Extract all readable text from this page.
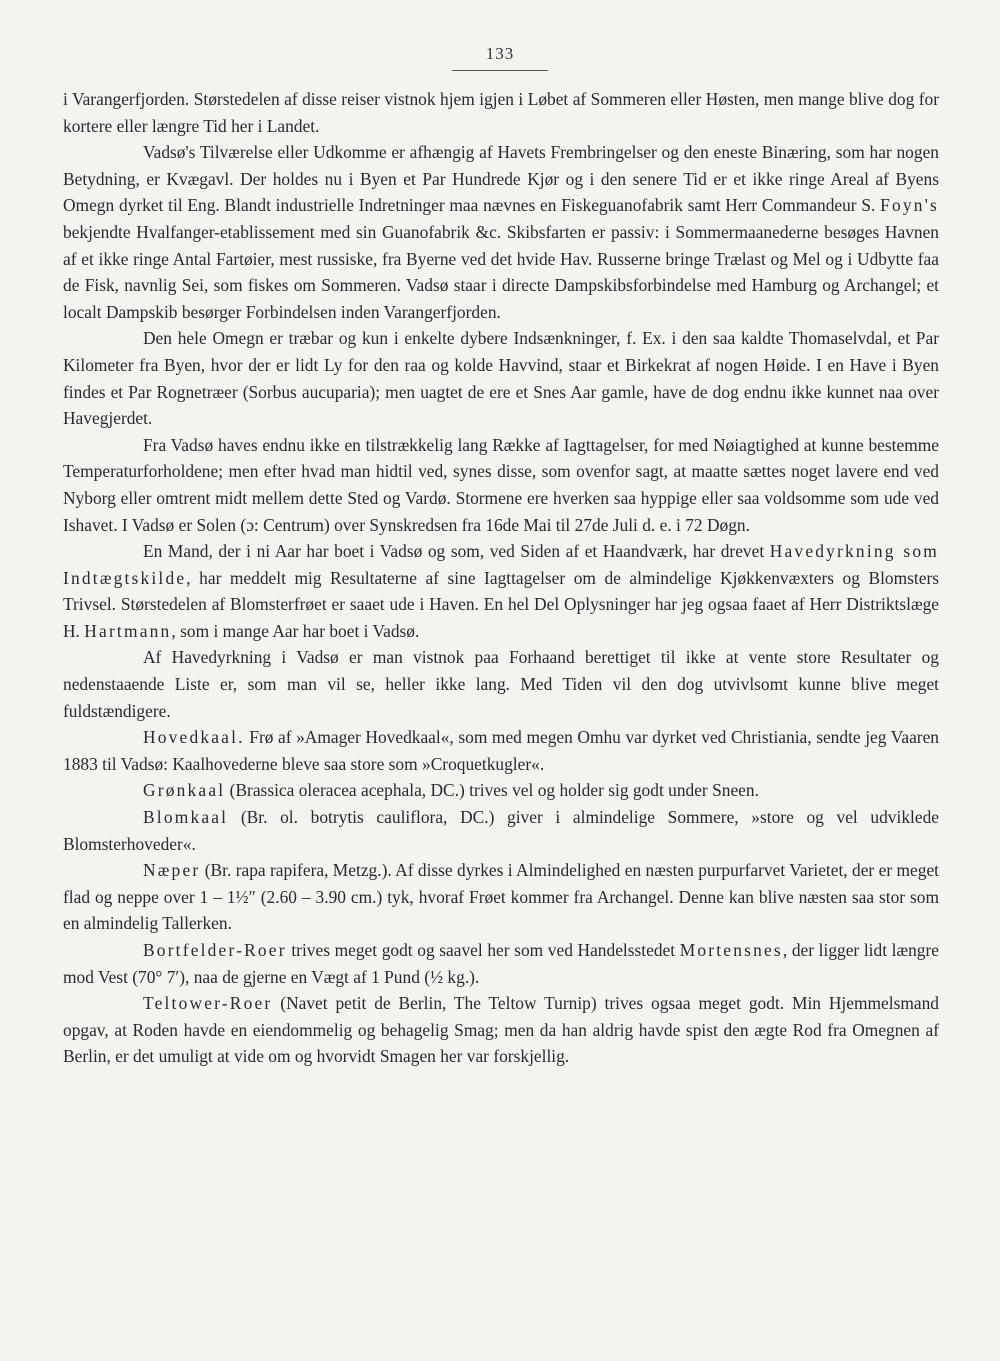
133

i Varangerfjorden. Størstedelen af disse reiser vistnok hjem igjen i Løbet af Sommeren eller Høsten, men mange blive dog for kortere eller længre Tid her i Landet.

Vadsø's Tilværelse eller Udkomme er afhængig af Havets Frembringelser og den eneste Binæring, som har nogen Betydning, er Kvægavl. Der holdes nu i Byen et Par Hundrede Kjør og i den senere Tid er et ikke ringe Areal af Byens Omegn dyrket til Eng. Blandt industrielle Indretninger maa nævnes en Fiskeguanofabrik samt Herr Commandeur S. Foyn's bekjendte Hvalfanger-etablissement med sin Guanofabrik &c. Skibsfarten er passiv: i Sommermaanederne besøges Havnen af et ikke ringe Antal Fartøier, mest russiske, fra Byerne ved det hvide Hav. Russerne bringe Trælast og Mel og i Udbytte faa de Fisk, navnlig Sei, som fiskes om Sommeren. Vadsø staar i directe Dampskibsforbindelse med Hamburg og Archangel; et localt Dampskib besørger Forbindelsen inden Varangerfjorden.

Den hele Omegn er træbar og kun i enkelte dybere Indsænkninger, f. Ex. i den saa kaldte Thomaselvdal, et Par Kilometer fra Byen, hvor der er lidt Ly for den raa og kolde Havvind, staar et Birkekrat af nogen Høide. I en Have i Byen findes et Par Rognetræer (Sorbus aucuparia); men uagtet de ere et Snes Aar gamle, have de dog endnu ikke kunnet naa over Havegjerdet.

Fra Vadsø haves endnu ikke en tilstrækkelig lang Række af Iagttagelser, for med Nøiagtighed at kunne bestemme Temperaturforholdene; men efter hvad man hidtil ved, synes disse, som ovenfor sagt, at maatte sættes noget lavere end ved Nyborg eller omtrent midt mellem dette Sted og Vardø. Stormene ere hverken saa hyppige eller saa voldsomme som ude ved Ishavet. I Vadsø er Solen (ɔ: Centrum) over Synskredsen fra 16de Mai til 27de Juli d. e. i 72 Døgn.

En Mand, der i ni Aar har boet i Vadsø og som, ved Siden af et Haandværk, har drevet Havedyrkning som Indtægtskilde, har meddelt mig Resultaterne af sine Iagttagelser om de almindelige Kjøkkenvæxters og Blomsters Trivsel. Størstedelen af Blomsterfrøet er saaet ude i Haven. En hel Del Oplysninger har jeg ogsaa faaet af Herr Distriktslæge H. Hartmann, som i mange Aar har boet i Vadsø.

Af Havedyrkning i Vadsø er man vistnok paa Forhaand berettiget til ikke at vente store Resultater og nedenstaaende Liste er, som man vil se, heller ikke lang. Med Tiden vil den dog utvivlsomt kunne blive meget fuldstændigere.

Hovedkaal. Frø af »Amager Hovedkaal«, som med megen Omhu var dyrket ved Christiania, sendte jeg Vaaren 1883 til Vadsø: Kaalhovederne bleve saa store som »Croquetkugler«.

Grønkaal (Brassica oleracea acephala, DC.) trives vel og holder sig godt under Sneen.

Blomkaal (Br. ol. botrytis cauliflora, DC.) giver i almindelige Sommere, »store og vel udviklede Blomsterhoveder«.

Næper (Br. rapa rapifera, Metzg.). Af disse dyrkes i Almindelighed en næsten purpurfarvet Varietet, der er meget flad og neppe over 1 – 1½″ (2.60 – 3.90 cm.) tyk, hvoraf Frøet kommer fra Archangel. Denne kan blive næsten saa stor som en almindelig Tallerken.

Bortfelder-Roer trives meget godt og saavel her som ved Handelsstedet Mortensnes, der ligger lidt længre mod Vest (70° 7′), naa de gjerne en Vægt af 1 Pund (½ kg.).

Teltower-Roer (Navet petit de Berlin, The Teltow Turnip) trives ogsaa meget godt. Min Hjemmelsmand opgav, at Roden havde en eiendommelig og behagelig Smag; men da han aldrig havde spist den ægte Rod fra Omegnen af Berlin, er det umuligt at vide om og hvorvidt Smagen her var forskjellig.
